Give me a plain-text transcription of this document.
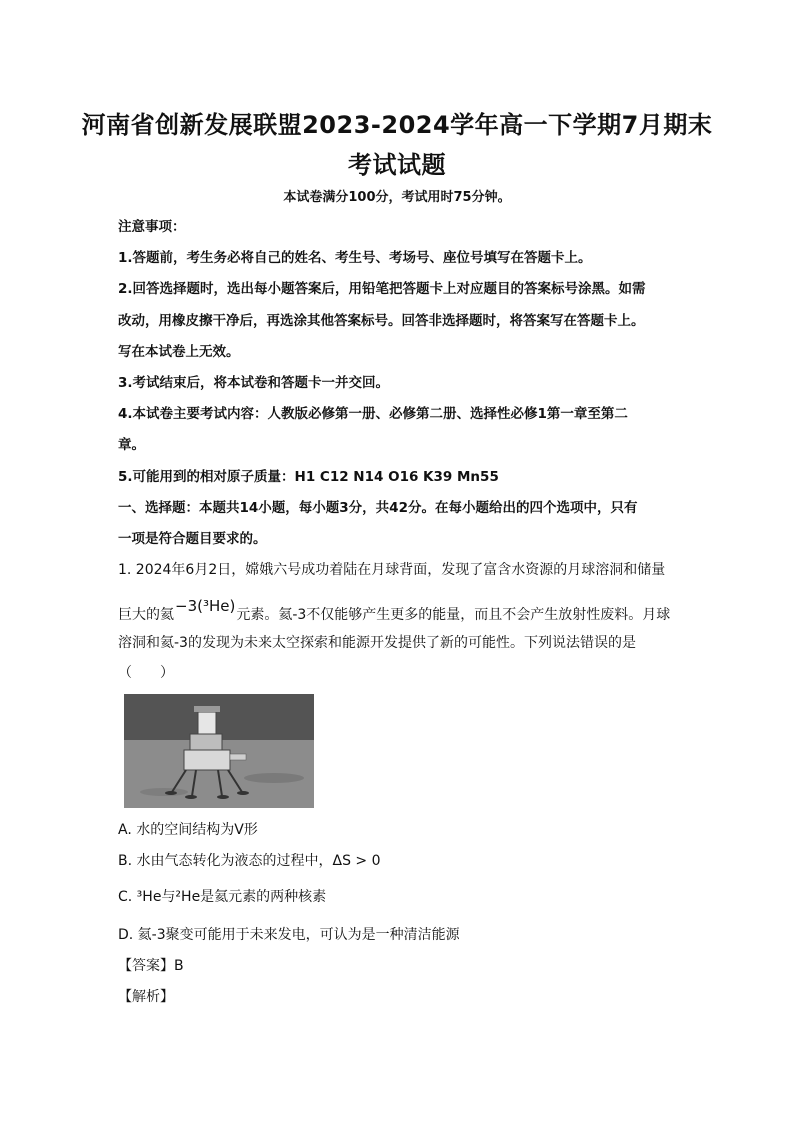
河南省创新发展联盟2023-2024学年高一下学期7月期末
考试试题
本试卷满分100分，考试用时75分钟。
注意事项：
1.答题前，考生务必将自己的姓名、考生号、考场号、座位号填写在答题卡上。
2.回答选择题时，选出每小题答案后，用铅笔把答题卡上对应题目的答案标号涂黑。如需
改动，用橡皮擦干净后，再选涂其他答案标号。回答非选择题时，将答案写在答题卡上。
写在本试卷上无效。
3.考试结束后，将本试卷和答题卡一并交回。
4.本试卷主要考试内容：人教版必修第一册、必修第二册、选择性必修1第一章至第二
章。
5.可能用到的相对原子质量：H1 C12 N14 O16 K39 Mn55
一、选择题：本题共14小题，每小题3分，共42分。在每小题给出的四个选项中，只有
一项是符合题目要求的。
1. 2024年6月2日，嫦娥六号成功着陆在月球背面，发现了富含水资源的月球溶洞和储量
巨大的氦−3(³He)元素。氦-3不仅能够产生更多的能量，而且不会产生放射性废料。月球
溶洞和氦-3的发现为未来太空探索和能源开发提供了新的可能性。下列说法错误的是
（　　）
A. 水的空间结构为V形
B. 水由气态转化为液态的过程中，ΔS > 0
C. ³He与²He是氦元素的两种核素
D. 氦-3聚变可能用于未来发电，可认为是一种清洁能源
【答案】B
【解析】
